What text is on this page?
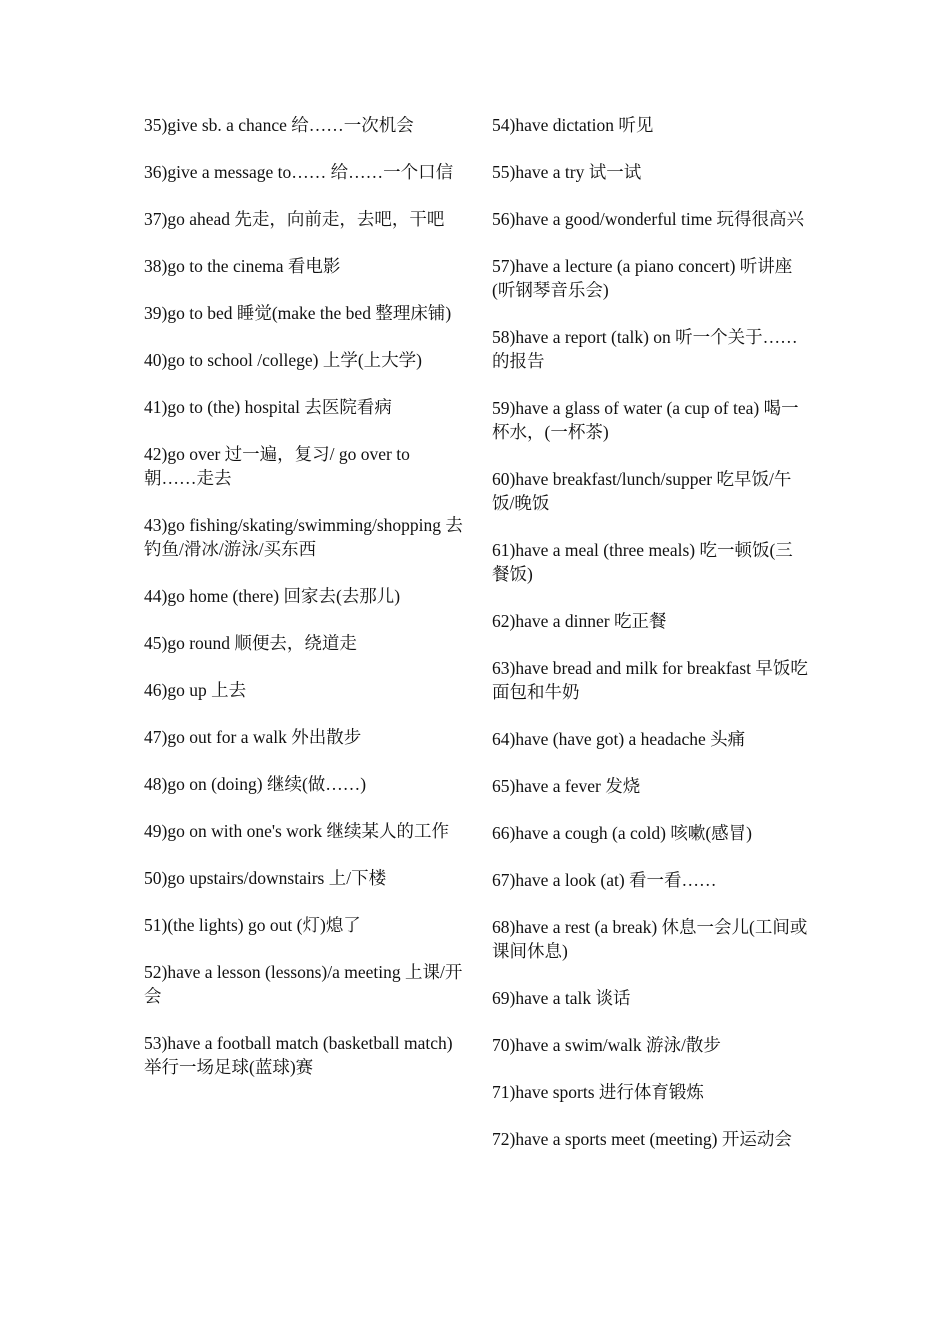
35)give sb. a chance 给……一次机会
36)give a message to…… 给……一个口信
37)go ahead 先走，向前走，去吧，干吧
38)go to the cinema 看电影
39)go to bed 睡觉(make the bed 整理床铺)
40)go to school /college) 上学(上大学)
41)go to (the) hospital 去医院看病
42)go over 过一遍，复习/ go over to 朝……走去
43)go fishing/skating/swimming/shopping 去钓鱼/滑冰/游泳/买东西
44)go home (there) 回家去(去那儿)
45)go round 顺便去，绕道走
46)go up 上去
47)go out for a walk 外出散步
48)go on (doing) 继续(做……)
49)go on with one's work 继续某人的工作
50)go upstairs/downstairs 上/下楼
51)(the lights) go out (灯)熄了
52)have a lesson (lessons)/a meeting 上课/开会
53)have a football match (basketball match) 举行一场足球(蓝球)赛
54)have dictation 听见
55)have a try 试一试
56)have a good/wonderful time 玩得很高兴
57)have a lecture (a piano concert) 听讲座(听钢琴音乐会)
58)have a report (talk) on 听一个关于……的报告
59)have a glass of water (a cup of tea) 喝一杯水，(一杯茶)
60)have breakfast/lunch/supper 吃早饭/午饭/晚饭
61)have a meal (three meals) 吃一顿饭(三餐饭)
62)have a dinner 吃正餐
63)have bread and milk for breakfast 早饭吃面包和牛奶
64)have (have got) a headache 头痛
65)have a fever 发烧
66)have a cough (a cold) 咳嗽(感冒)
67)have a look (at) 看一看……
68)have a rest (a break) 休息一会儿(工间或课间休息)
69)have a talk 谈话
70)have a swim/walk 游泳/散步
71)have sports 进行体育锻炼
72)have a sports meet (meeting) 开运动会
